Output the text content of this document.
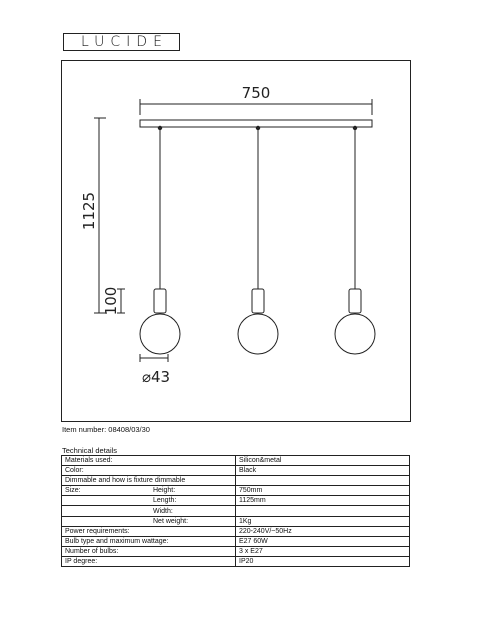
LUCIDE
750
1125
100
⌀43
Item number: 08408/03/30
Technical details
Materials used:		Silicon&metal
Color:		Black
Dimmable and how is fixture dimmable		
Size:	Height:	750mm
	Length:	1125mm
	Width:	
	Net weight:	1Kg
Power requirements:		220-240V/~50Hz
Bulb type and maximum wattage:		E27 60W
Number of bulbs:		3 x E27
IP degree:		IP20
